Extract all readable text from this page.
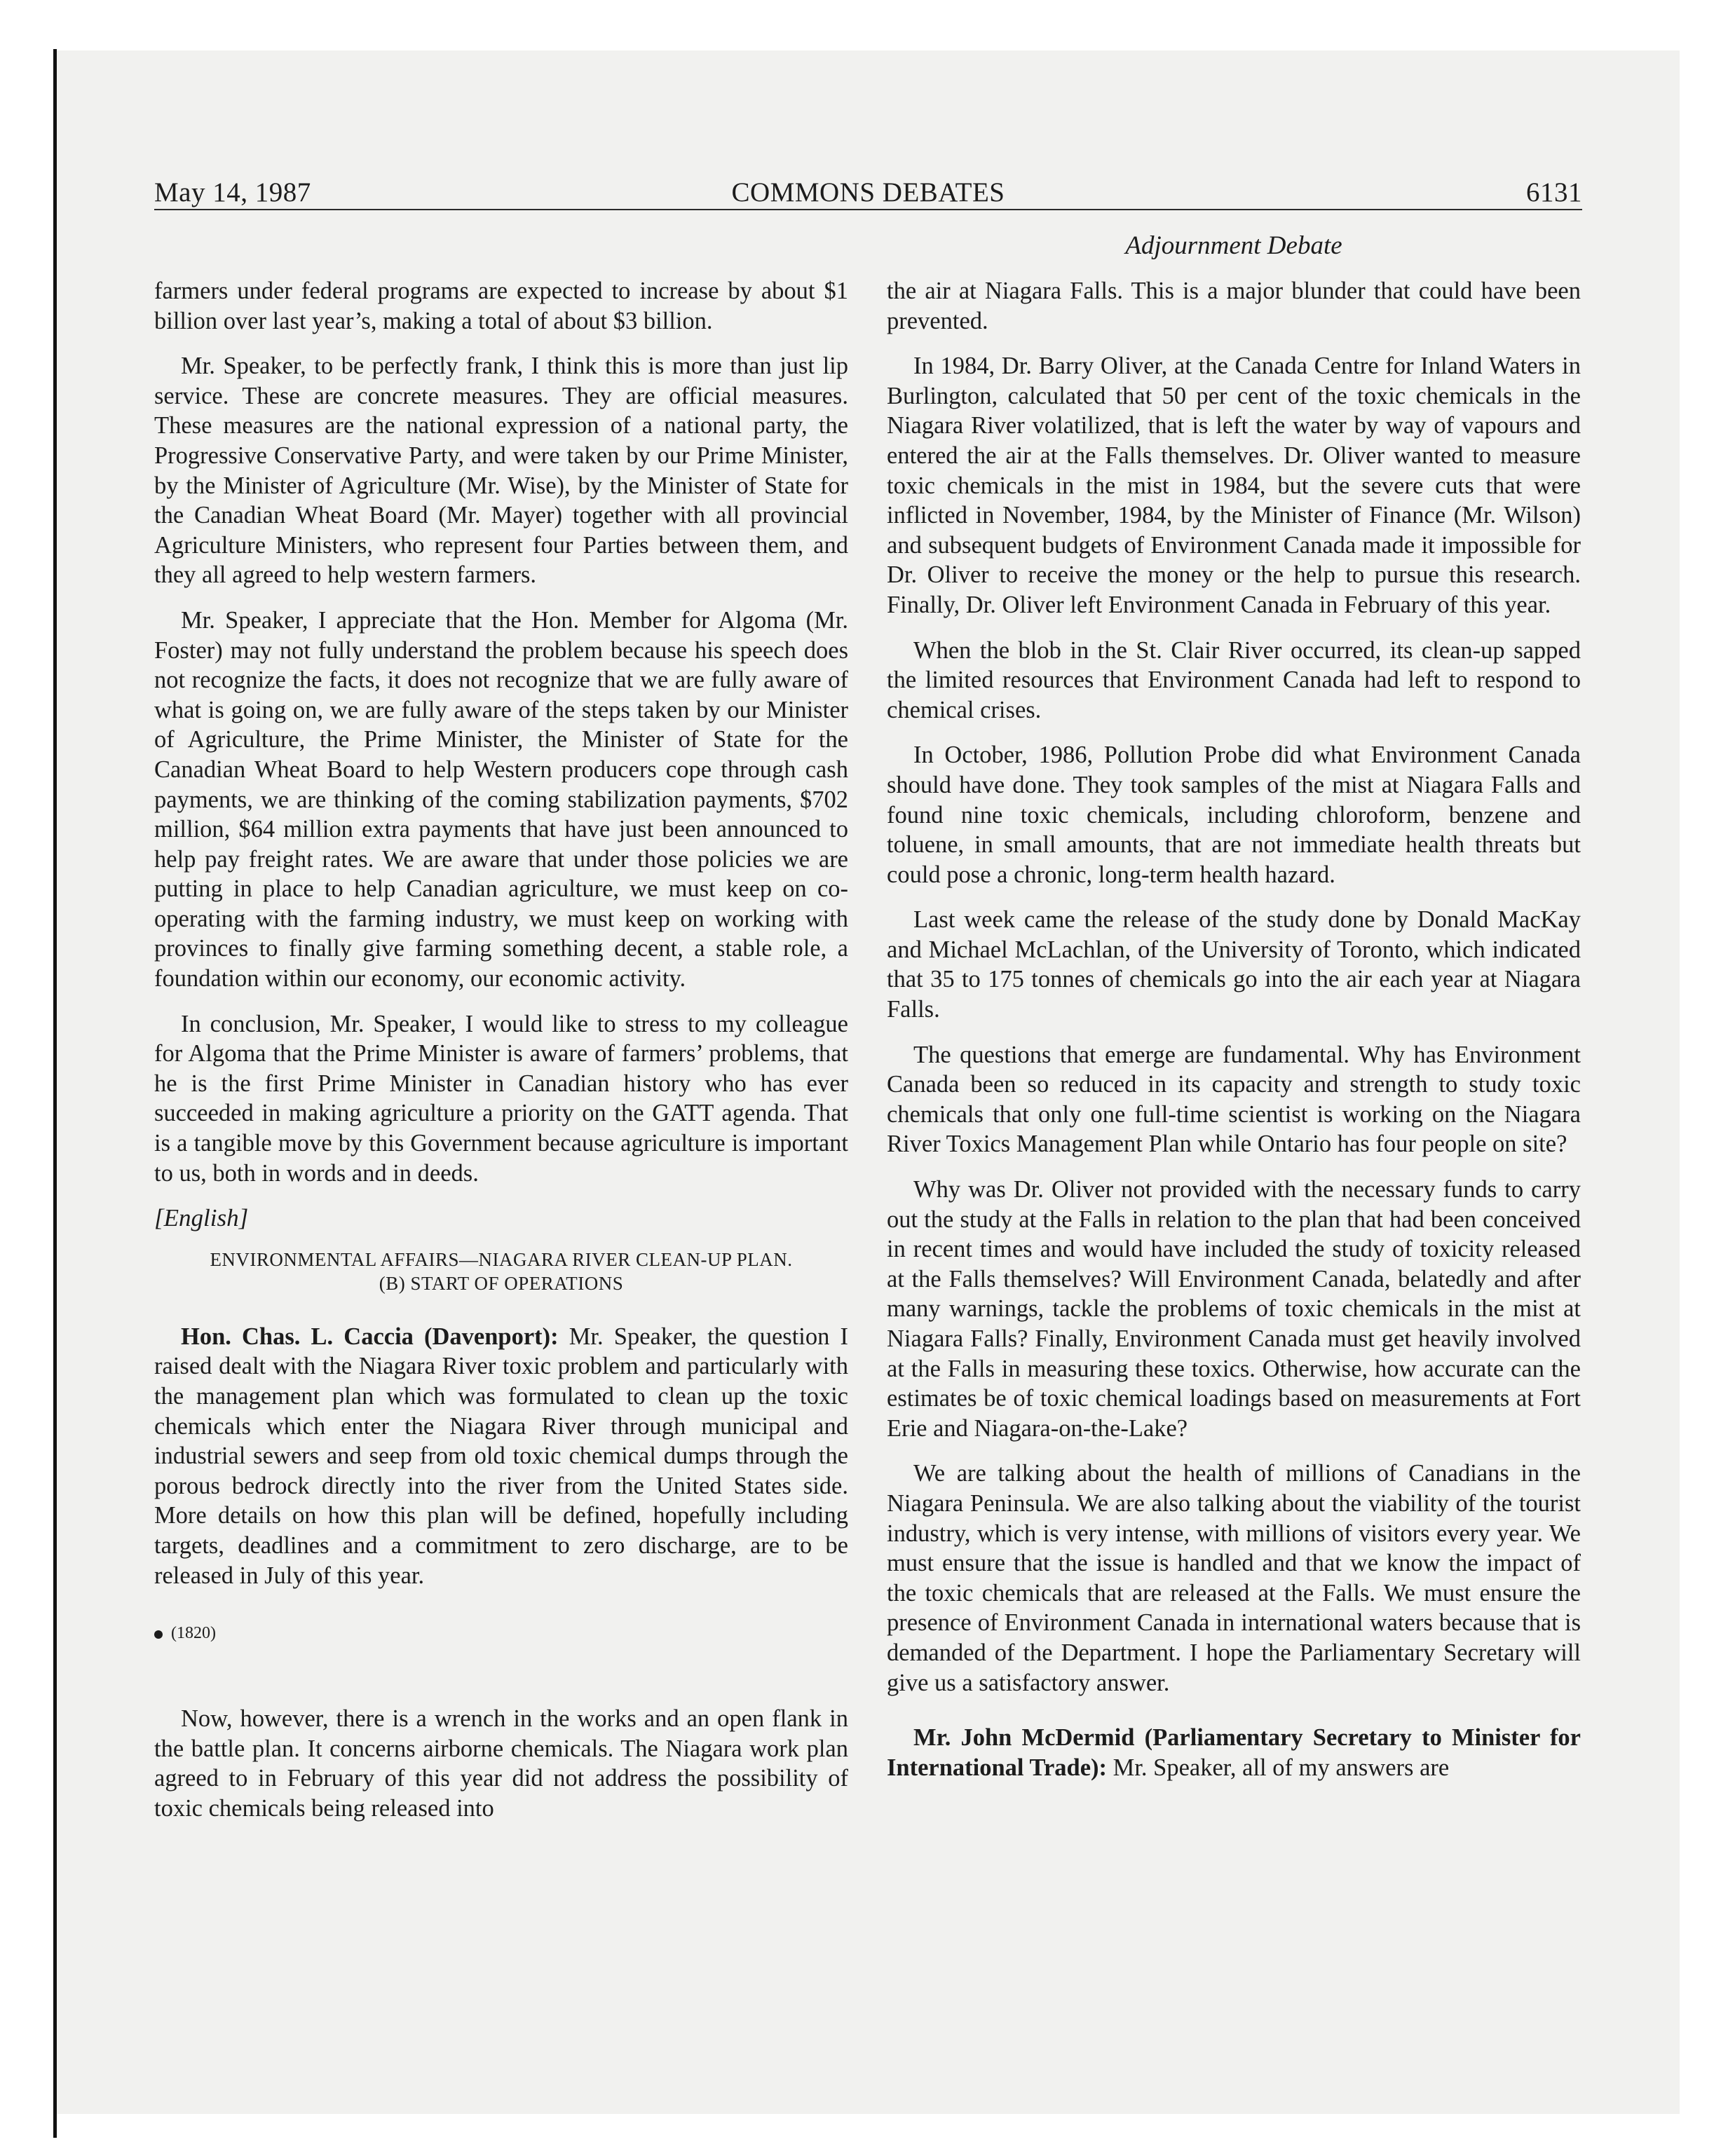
May 14, 1987	COMMONS DEBATES	6131
Adjournment Debate

farmers under federal programs are expected to increase by about $1 billion over last year’s, making a total of about $3 billion.

Mr. Speaker, to be perfectly frank, I think this is more than just lip service. These are concrete measures. They are official measures. These measures are the national expression of a national party, the Progressive Conservative Party, and were taken by our Prime Minister, by the Minister of Agriculture (Mr. Wise), by the Minister of State for the Canadian Wheat Board (Mr. Mayer) together with all provincial Agriculture Ministers, who represent four Parties between them, and they all agreed to help western farmers.

Mr. Speaker, I appreciate that the Hon. Member for Algoma (Mr. Foster) may not fully understand the problem because his speech does not recognize the facts, it does not recognize that we are fully aware of what is going on, we are fully aware of the steps taken by our Minister of Agriculture, the Prime Minister, the Minister of State for the Canadian Wheat Board to help Western producers cope through cash payments, we are thinking of the coming stabilization payments, $702 million, $64 million extra payments that have just been announced to help pay freight rates. We are aware that under those policies we are putting in place to help Canadian agriculture, we must keep on co-operating with the farming industry, we must keep on working with provinces to finally give farming something decent, a stable role, a foundation within our economy, our economic activity.

In conclusion, Mr. Speaker, I would like to stress to my colleague for Algoma that the Prime Minister is aware of farmers’ problems, that he is the first Prime Minister in Canadian history who has ever succeeded in making agriculture a priority on the GATT agenda. That is a tangible move by this Government because agriculture is important to us, both in words and in deeds.

[English]
ENVIRONMENTAL AFFAIRS—NIAGARA RIVER CLEAN-UP PLAN.
(B) START OF OPERATIONS

Hon. Chas. L. Caccia (Davenport): Mr. Speaker, the question I raised dealt with the Niagara River toxic problem and particularly with the management plan which was formulated to clean up the toxic chemicals which enter the Niagara River through municipal and industrial sewers and seep from old toxic chemical dumps through the porous bedrock directly into the river from the United States side. More details on how this plan will be defined, hopefully including targets, deadlines and a commitment to zero discharge, are to be released in July of this year.

(1820)

Now, however, there is a wrench in the works and an open flank in the battle plan. It concerns airborne chemicals. The Niagara work plan agreed to in February of this year did not address the possibility of toxic chemicals being released into

the air at Niagara Falls. This is a major blunder that could have been prevented.

In 1984, Dr. Barry Oliver, at the Canada Centre for Inland Waters in Burlington, calculated that 50 per cent of the toxic chemicals in the Niagara River volatilized, that is left the water by way of vapours and entered the air at the Falls themselves. Dr. Oliver wanted to measure toxic chemicals in the mist in 1984, but the severe cuts that were inflicted in November, 1984, by the Minister of Finance (Mr. Wilson) and subsequent budgets of Environment Canada made it impossible for Dr. Oliver to receive the money or the help to pursue this research. Finally, Dr. Oliver left Environment Canada in February of this year.

When the blob in the St. Clair River occurred, its clean-up sapped the limited resources that Environment Canada had left to respond to chemical crises.

In October, 1986, Pollution Probe did what Environment Canada should have done. They took samples of the mist at Niagara Falls and found nine toxic chemicals, including chloroform, benzene and toluene, in small amounts, that are not immediate health threats but could pose a chronic, long-term health hazard.

Last week came the release of the study done by Donald MacKay and Michael McLachlan, of the University of Toronto, which indicated that 35 to 175 tonnes of chemicals go into the air each year at Niagara Falls.

The questions that emerge are fundamental. Why has Environment Canada been so reduced in its capacity and strength to study toxic chemicals that only one full-time scientist is working on the Niagara River Toxics Management Plan while Ontario has four people on site?

Why was Dr. Oliver not provided with the necessary funds to carry out the study at the Falls in relation to the plan that had been conceived in recent times and would have included the study of toxicity released at the Falls themselves? Will Environment Canada, belatedly and after many warnings, tackle the problems of toxic chemicals in the mist at Niagara Falls? Finally, Environment Canada must get heavily involved at the Falls in measuring these toxics. Otherwise, how accurate can the estimates be of toxic chemical loadings based on measurements at Fort Erie and Niagara-on-the-Lake?

We are talking about the health of millions of Canadians in the Niagara Peninsula. We are also talking about the viability of the tourist industry, which is very intense, with millions of visitors every year. We must ensure that the issue is handled and that we know the impact of the toxic chemicals that are released at the Falls. We must ensure the presence of Environment Canada in international waters because that is demanded of the Department. I hope the Parliamentary Secretary will give us a satisfactory answer.

Mr. John McDermid (Parliamentary Secretary to Minister for International Trade): Mr. Speaker, all of my answers are
